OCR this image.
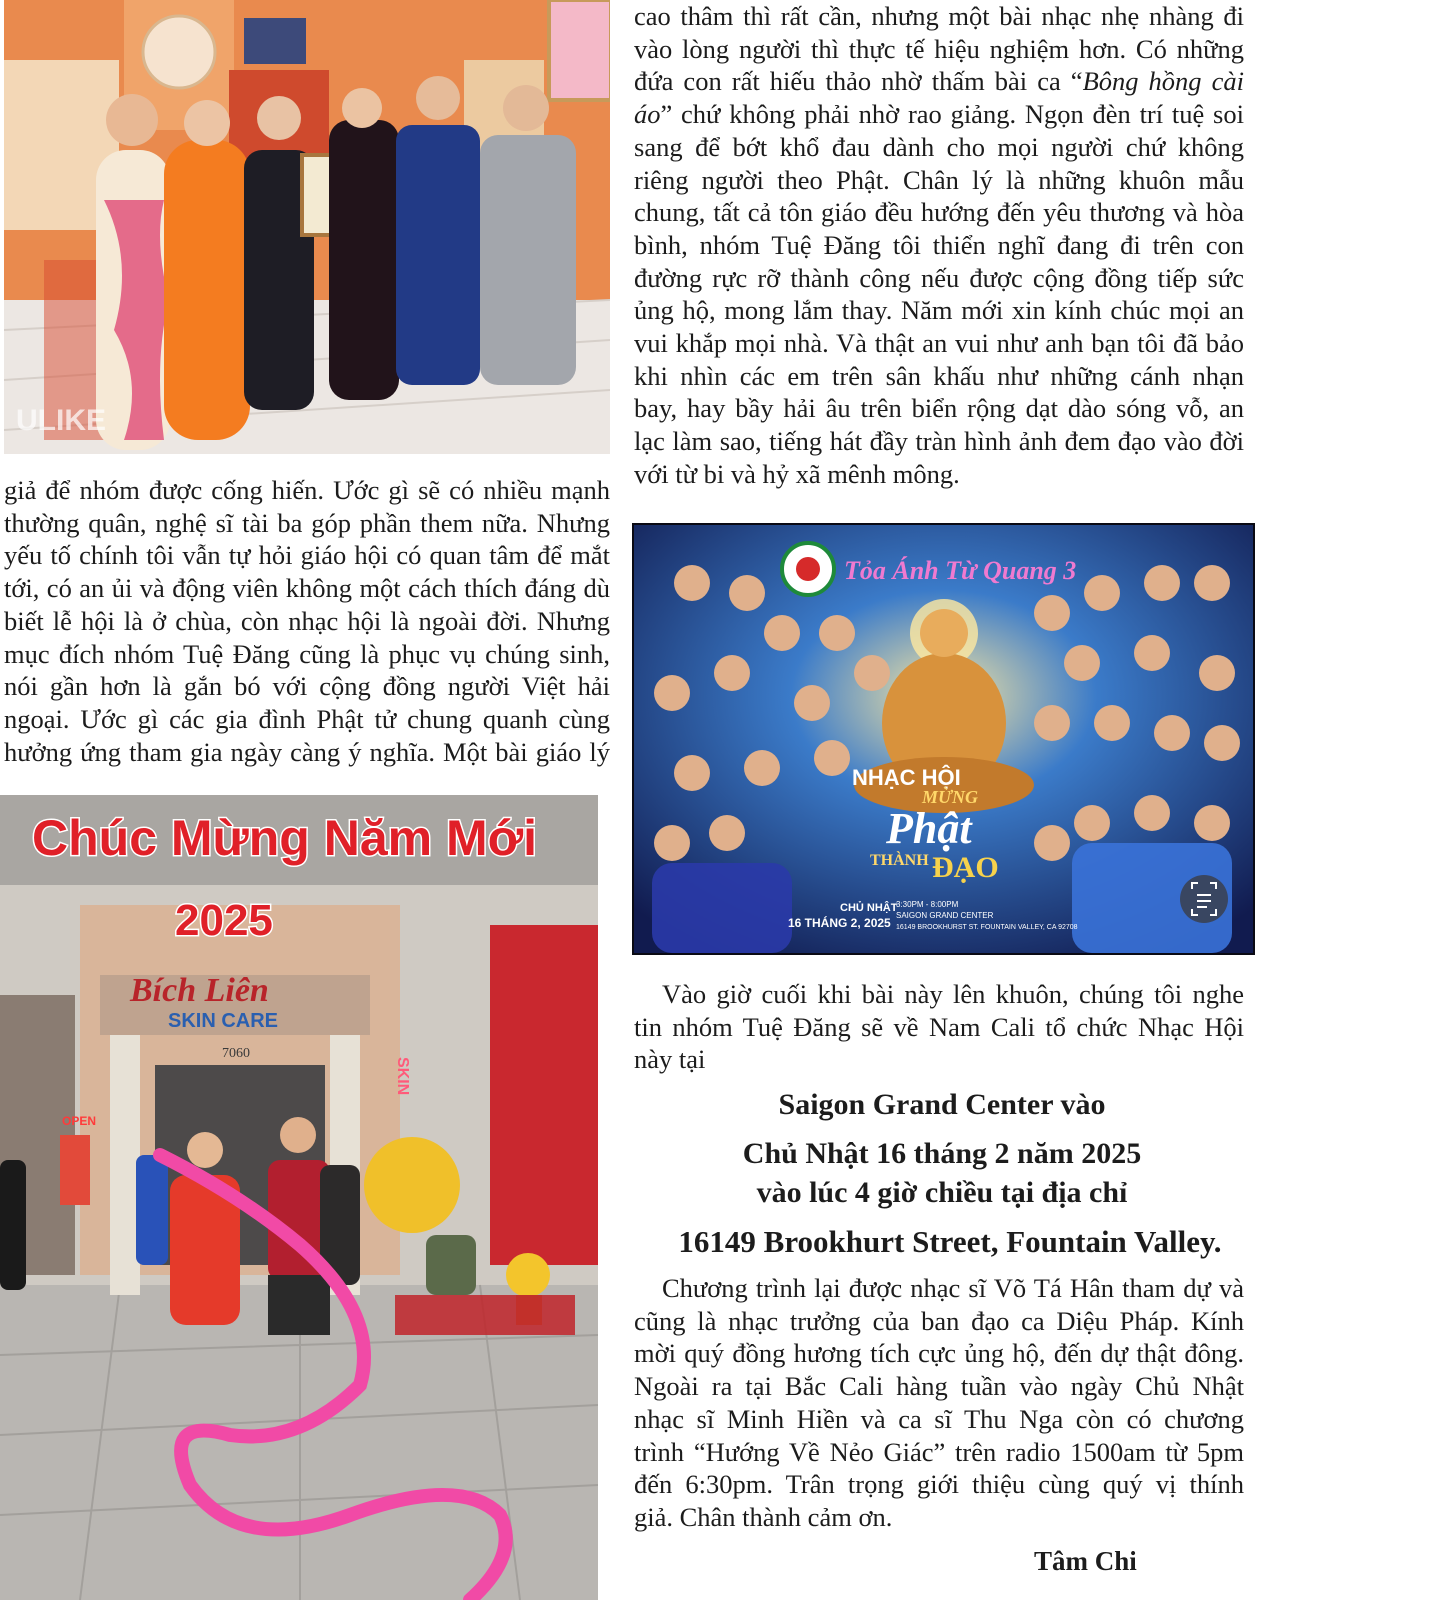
ULIKE
cao thâm thì rất cần, nhưng một bài nhạc nhẹ nhàng đi
vào lòng người thì thực tế hiệu nghiệm hơn. Có những
đứa con rất hiếu thảo nhờ thấm bài ca “Bông hồng cài
áo” chứ không phải nhờ rao giảng. Ngọn đèn trí tuệ soi
sang để bớt khổ đau dành cho mọi người chứ không
riêng người theo Phật. Chân lý là những khuôn mẫu
chung, tất cả tôn giáo đều hướng đến yêu thương và hòa
bình, nhóm Tuệ Đăng tôi thiển nghĩ đang đi trên con
đường rực rỡ thành công nếu được cộng đồng tiếp sức
ủng hộ, mong lắm thay. Năm mới xin kính chúc mọi an
vui khắp mọi nhà. Và thật an vui như anh bạn tôi đã bảo
khi nhìn các em trên sân khấu như những cánh nhạn
bay, hay bầy hải âu trên biển rộng dạt dào sóng vỗ, an
lạc làm sao, tiếng hát đầy tràn hình ảnh đem đạo vào đời
với từ bi và hỷ xã mênh mông.
giả để nhóm được cống hiến. Ước gì sẽ có nhiều mạnh
thường quân, nghệ sĩ tài ba góp phần them nữa. Nhưng
yếu tố chính tôi vẫn tự hỏi giáo hội có quan tâm để mắt
tới, có an ủi và động viên không một cách thích đáng dù
biết lễ hội là ở chùa, còn nhạc hội là ngoài đời. Nhưng
mục đích nhóm Tuệ Đăng cũng là phục vụ chúng sinh,
nói gần hơn là gắn bó với cộng đồng người Việt hải
ngoại. Ước gì các gia đình Phật tử chung quanh cùng
hưởng ứng tham gia ngày càng ý nghĩa. Một bài giáo lý
Tỏa Ánh Từ Quang 3
NHẠC HỘI
MỪNG
Phật
THÀNH ĐẠO
CHỦ NHẬT
16 THÁNG 2, 2025
3:30PM - 8:00PM
SAIGON GRAND CENTER
16149 BROOKHURST ST. FOUNTAIN VALLEY, CA 92708
Chúc Mừng Năm Mới
2025
Bích Liên
SKIN CARE
7060
SKIN
OPEN
Vào giờ cuối khi bài này lên khuôn, chúng tôi nghe
tin nhóm Tuệ Đăng sẽ về Nam Cali tổ chức Nhạc Hội
này tại

Saigon Grand Center vào

Chủ Nhật 16 tháng 2 năm 2025

vào lúc 4 giờ chiều tại địa chỉ

16149 Brookhurt Street, Fountain Valley.

Chương trình lại được nhạc sĩ Võ Tá Hân tham dự và
cũng là nhạc trưởng của ban đạo ca Diệu Pháp. Kính
mời quý đồng hương tích cực ủng hộ, đến dự thật đông.
Ngoài ra tại Bắc Cali hàng tuần vào ngày Chủ Nhật
nhạc sĩ Minh Hiền và ca sĩ Thu Nga còn có chương
trình “Hướng Về Nẻo Giác” trên radio 1500am từ 5pm
đến 6:30pm. Trân trọng giới thiệu cùng quý vị thính
giả. Chân thành cảm ơn.

Tâm Chi
